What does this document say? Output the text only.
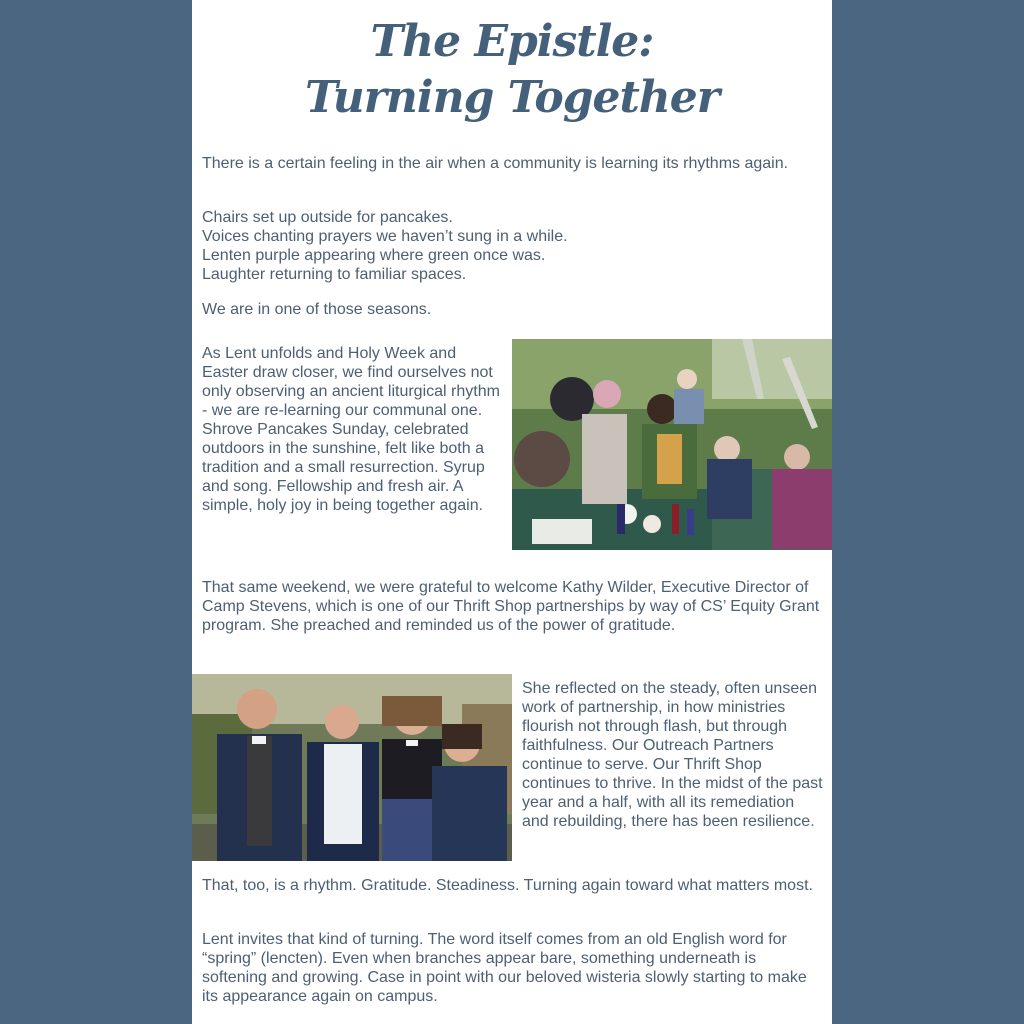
The Epistle:
Turning Together

There is a certain feeling in the air when a community is learning its rhythms again.

Chairs set up outside for pancakes.
Voices chanting prayers we haven’t sung in a while.
Lenten purple appearing where green once was.
Laughter returning to familiar spaces.

We are in one of those seasons.

As Lent unfolds and Holy Week and Easter draw closer, we find ourselves not only observing an ancient liturgical rhythm - we are re-learning our communal one. Shrove Pancakes Sunday, celebrated outdoors in the sunshine, felt like both a tradition and a small resurrection. Syrup and song. Fellowship and fresh air. A simple, holy joy in being together again.

That same weekend, we were grateful to welcome Kathy Wilder, Executive Director of Camp Stevens, which is one of our Thrift Shop partnerships by way of CS’ Equity Grant program. She preached and reminded us of the power of gratitude.

She reflected on the steady, often unseen work of partnership, in how ministries flourish not through flash, but through faithfulness. Our Outreach Partners continue to serve. Our Thrift Shop continues to thrive. In the midst of the past year and a half, with all its remediation and rebuilding, there has been resilience.

That, too, is a rhythm. Gratitude. Steadiness. Turning again toward what matters most.

Lent invites that kind of turning. The word itself comes from an old English word for “spring” (lencten). Even when branches appear bare, something underneath is softening and growing. Case in point with our beloved wisteria slowly starting to make its appearance again on campus.
